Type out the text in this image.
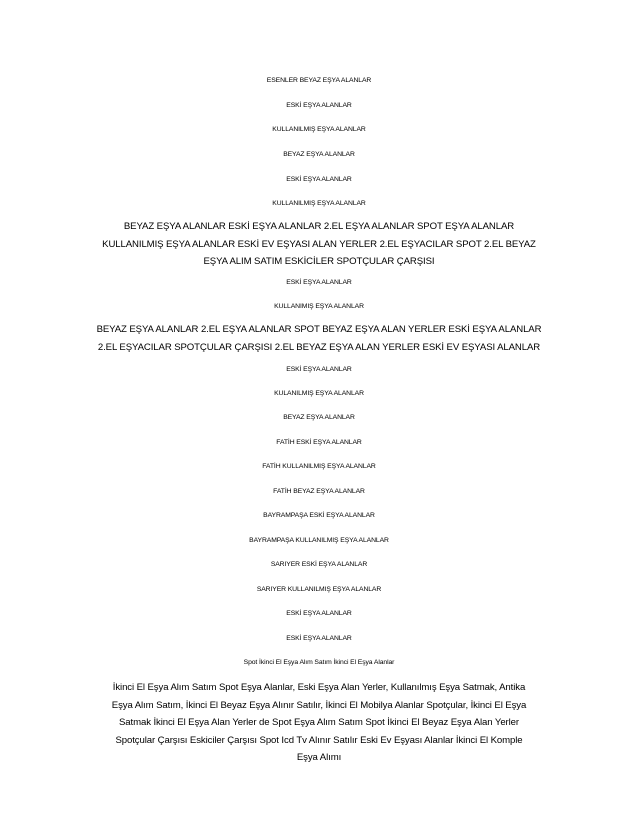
ESENLER BEYAZ EŞYA ALANLAR
ESKİ EŞYA ALANLAR
KULLANILMIŞ EŞYA ALANLAR
BEYAZ EŞYA ALANLAR
ESKİ EŞYA ALANLAR
KULLANILMIŞ EŞYA ALANLAR
BEYAZ EŞYA ALANLAR ESKİ EŞYA ALANLAR 2.EL EŞYA ALANLAR SPOT EŞYA ALANLAR
KULLANILMIŞ EŞYA ALANLAR ESKİ EV EŞYASI ALAN YERLER 2.EL EŞYACILAR SPOT 2.EL BEYAZ
EŞYA ALIM SATIM ESKİCİLER SPOTÇULAR ÇARŞISI
ESKİ EŞYA ALANLAR
KULLANIMIŞ EŞYA ALANLAR
BEYAZ EŞYA ALANLAR 2.EL EŞYA ALANLAR SPOT BEYAZ EŞYA ALAN YERLER ESKİ EŞYA ALANLAR
2.EL EŞYACILAR SPOTÇULAR ÇARŞISI 2.EL BEYAZ EŞYA ALAN YERLER ESKİ EV EŞYASI ALANLAR
ESKİ EŞYA ALANLAR
KULANILMIŞ EŞYA ALANLAR
BEYAZ EŞYA ALANLAR
FATİH ESKİ EŞYA ALANLAR
FATİH KULLANILMIŞ EŞYA ALANLAR
FATİH BEYAZ EŞYA ALANLAR
BAYRAMPAŞA ESKİ EŞYA ALANLAR
BAYRAMPAŞA KULLANILMIŞ EŞYA ALANLAR
SARIYER ESKİ EŞYA ALANLAR
SARIYER KULLANILMIŞ EŞYA ALANLAR
ESKİ EŞYA ALANLAR
ESKİ EŞYA ALANLAR
Spot İkinci El Eşya Alım Satım İkinci El Eşya Alanlar
İkinci El Eşya Alım Satım Spot Eşya Alanlar, Eski Eşya Alan Yerler, Kullanılmış Eşya Satmak, Antika
Eşya Alım Satım, İkinci El Beyaz Eşya Alınır Satılır, İkinci El Mobilya Alanlar Spotçular, İkinci El Eşya
Satmak İkinci El Eşya Alan Yerler de Spot Eşya Alım Satım Spot İkinci El Beyaz Eşya Alan Yerler
Spotçular Çarşısı Eskiciler Çarşısı Spot Icd Tv Alınır Satılır Eski Ev Eşyası Alanlar İkinci El Komple
Eşya Alımı
